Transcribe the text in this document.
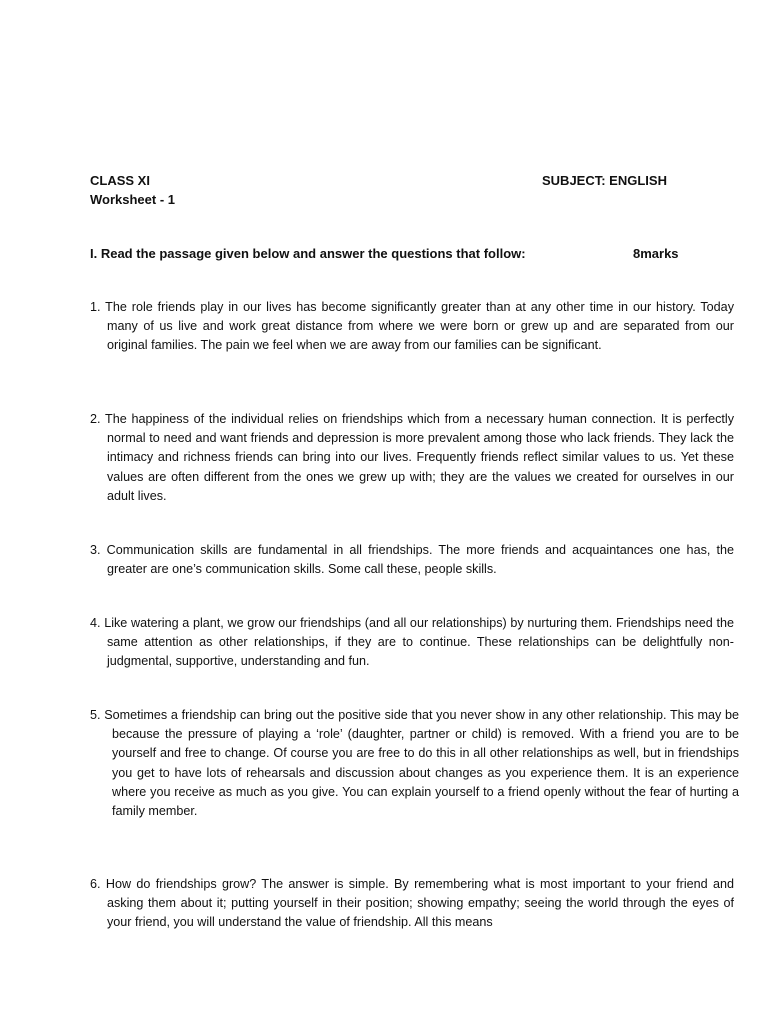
CLASS XI	SUBJECT: ENGLISH
Worksheet - 1
I. Read the passage given below and answer the questions that follow:	8marks

1. The role friends play in our lives has become significantly greater than at any other time in our history. Today many of us live and work great distance from where we were born or grew up and are separated from our original families. The pain we feel when we are away from our families can be significant.

2. The happiness of the individual relies on friendships which from a necessary human connection. It is perfectly normal to need and want friends and depression is more prevalent among those who lack friends. They lack the intimacy and richness friends can bring into our lives. Frequently friends reflect similar values to us. Yet these values are often different from the ones we grew up with; they are the values we created for ourselves in our adult lives.

3. Communication skills are fundamental in all friendships. The more friends and acquaintances one has, the greater are one’s communication skills. Some call these, people skills.

4. Like watering a plant, we grow our friendships (and all our relationships) by nurturing them. Friendships need the same attention as other relationships, if they are to continue. These relationships can be delightfully non-judgmental, supportive, understanding and fun.

5. Sometimes a friendship can bring out the positive side that you never show in any other relationship. This may be because the pressure of playing a ‘role’ (daughter, partner or child) is removed. With a friend you are to be yourself and free to change. Of course you are free to do this in all other relationships as well, but in friendships you get to have lots of rehearsals and discussion about changes as you experience them. It is an experience where you receive as much as you give. You can explain yourself to a friend openly without the fear of hurting a family member.

6. How do friendships grow? The answer is simple. By remembering what is most important to your friend and asking them about it; putting yourself in their position; showing empathy; seeing the world through the eyes of your friend, you will understand the value of friendship. All this means
